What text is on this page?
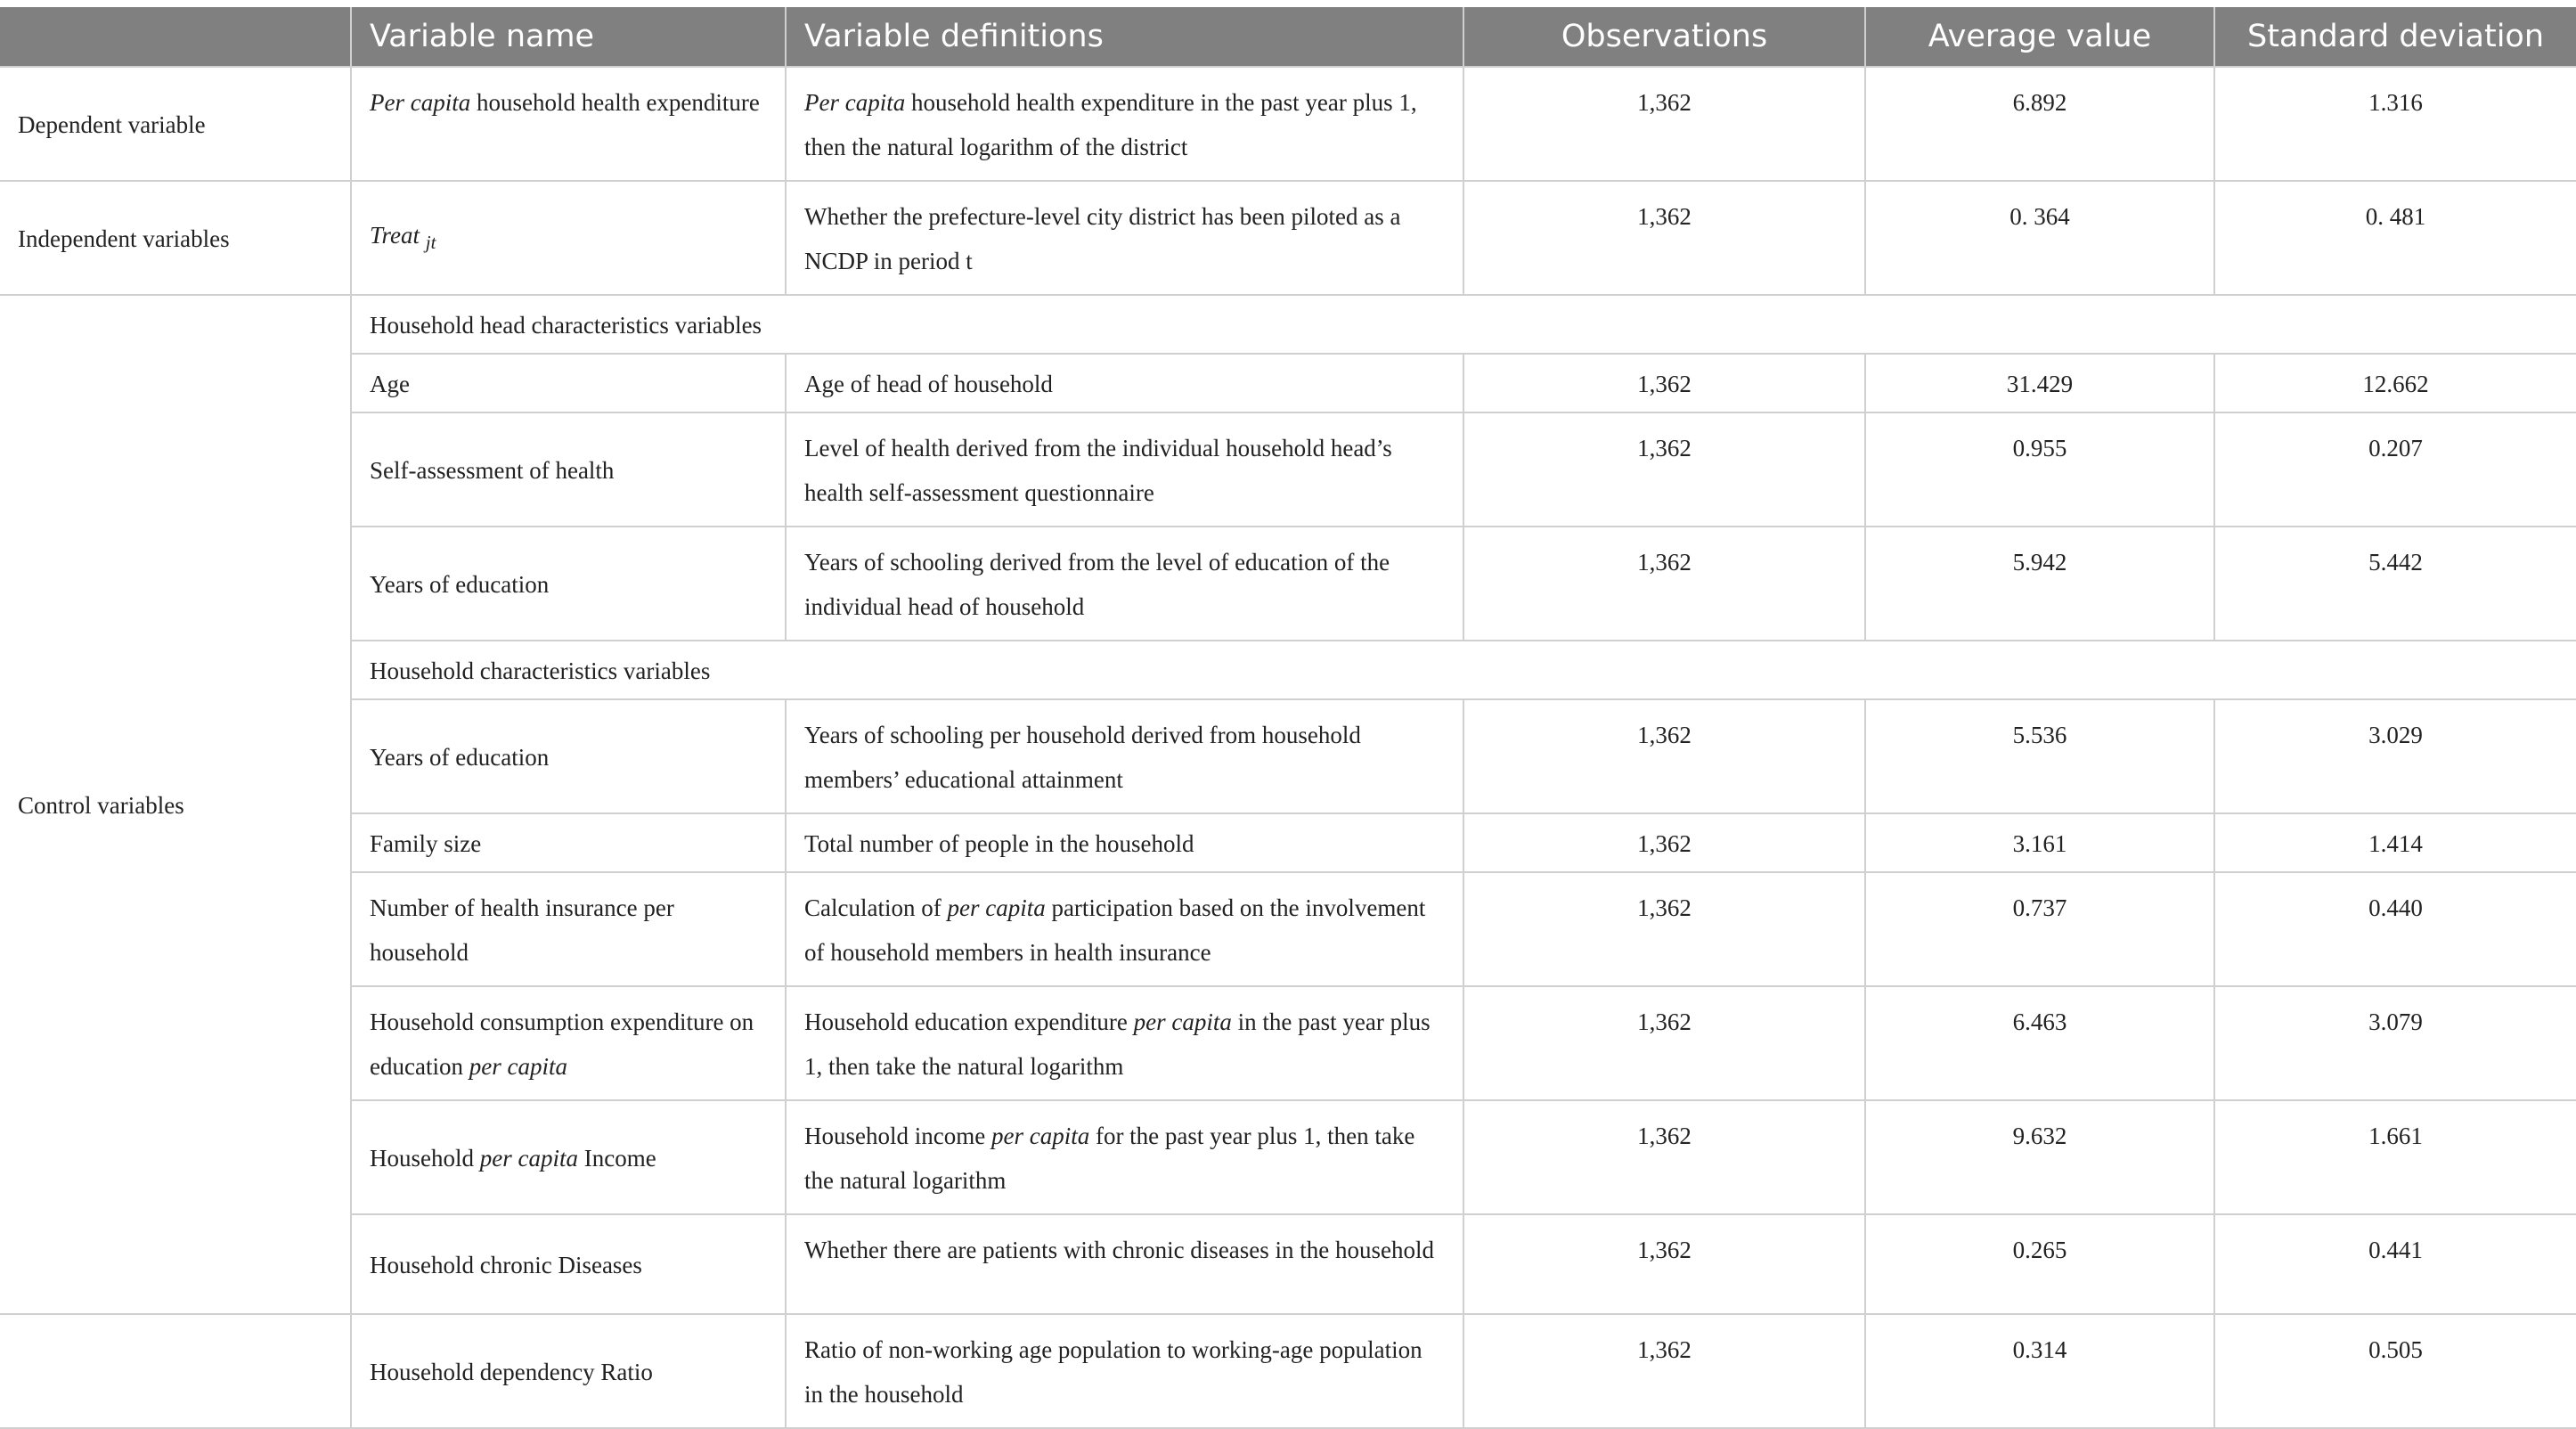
	Variable name	Variable definitions	Observations	Average value	Standard deviation
Dependent variable	Per capita household health expenditure	Per capita household health expenditure in the past year plus 1, then the natural logarithm of the district	1,362	6.892	1.316
Independent variables	Treat $_{jt}$	Whether the prefecture-level city district has been piloted as a NCDP in period t	1,362	0. 364	0. 481
Control variables	Household head characteristics variables				
	Age	Age of head of household	1,362	31.429	12.662
	Self-assessment of health	Level of health derived from the individual household head’s health self-assessment questionnaire	1,362	0.955	0.207
	Years of education	Years of schooling derived from the level of education of the individual head of household	1,362	5.942	5.442
	Household characteristics variables				
	Years of education	Years of schooling per household derived from household members’ educational attainment	1,362	5.536	3.029
	Family size	Total number of people in the household	1,362	3.161	1.414
	Number of health insurance per household	Calculation of per capita participation based on the involvement of household members in health insurance	1,362	0.737	0.440
	Household consumption expenditure on education per capita	Household education expenditure per capita in the past year plus 1, then take the natural logarithm	1,362	6.463	3.079
	Household per capita Income	Household income per capita for the past year plus 1, then take the natural logarithm	1,362	9.632	1.661
	Household chronic Diseases	Whether there are patients with chronic diseases in the household	1,362	0.265	0.441
	Household dependency Ratio	Ratio of non-working age population to working-age population in the household	1,362	0.314	0.505
